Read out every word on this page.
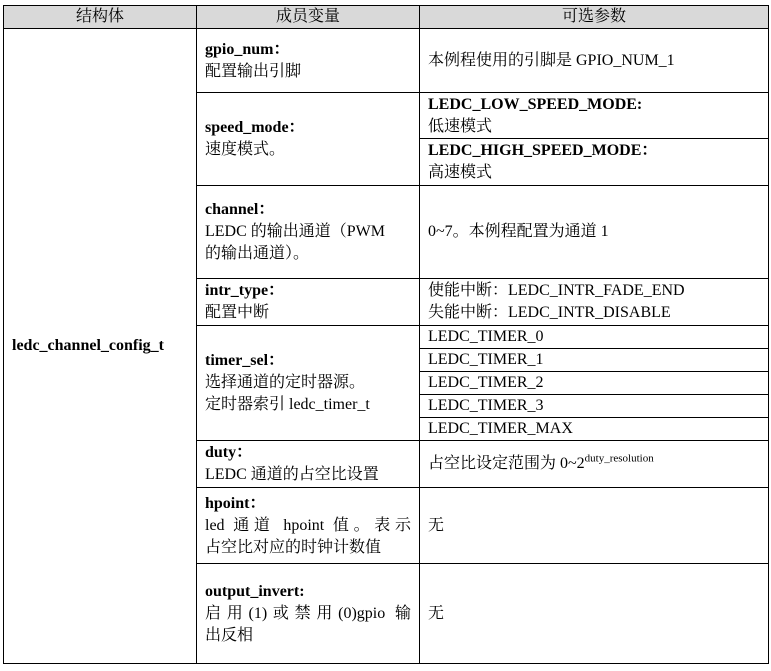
结构体	成员变量	可选参数
ledc_channel_config_t	gpio_num：
配置输出引脚	本例程使用的引脚是 GPIO_NUM_1

	speed_mode：
速度模式。	LEDC_LOW_SPEED_MODE:
低速模式

		LEDC_HIGH_SPEED_MODE：
高速模式

	channel：
LEDC 的输出通道（PWM
的输出通道）。	0~7。本例程配置为通道 1

	intr_type：
配置中断	使能中断：LEDC_INTR_FADE_END
失能中断：LEDC_INTR_DISABLE

	timer_sel：
选择通道的定时器源。
定时器索引 ledc_timer_t	LEDC_TIMER_0
		LEDC_TIMER_1
		LEDC_TIMER_2
		LEDC_TIMER_3
		LEDC_TIMER_MAX

	duty：
LEDC 通道的占空比设置	占空比设定范围为 $0\sim 2^{duty\_resolution}$

	hpoint：
led 通道 hpoint 值。表示
占空比对应的时钟计数值	无

	output_invert:
启用(1)或禁用(0)gpio 输
出反相	无
